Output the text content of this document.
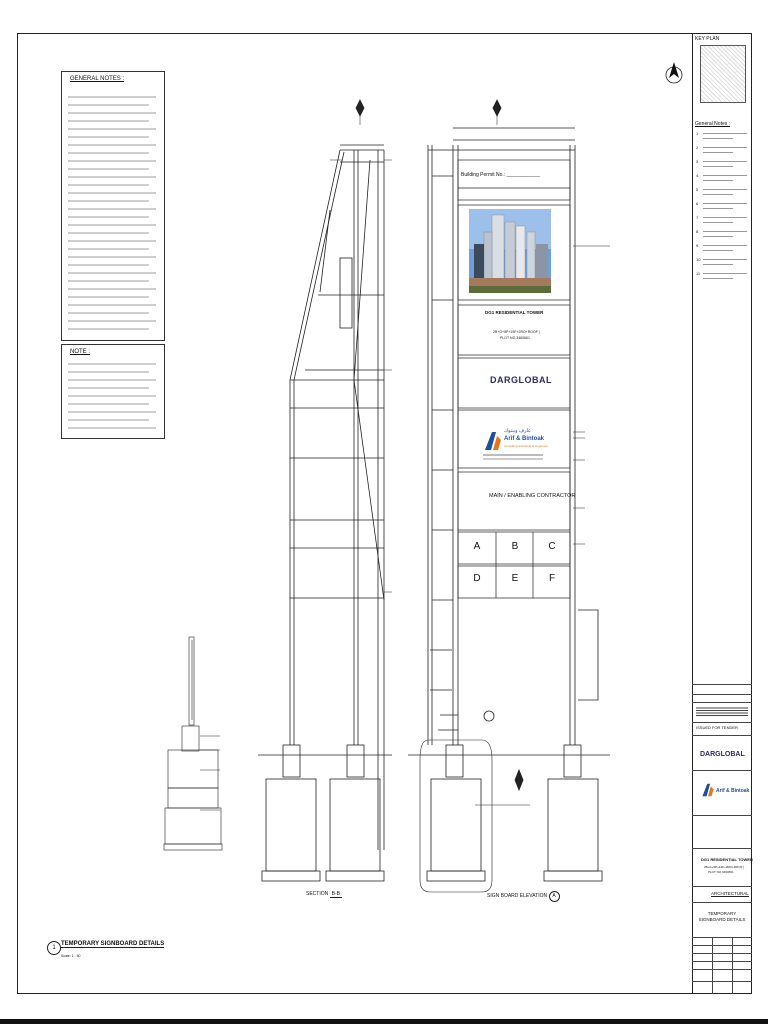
KEY PLAN
General Notes :
1
2
3
4
5
6
7
8
9
10
11
GENERAL NOTES :
NOTE :
Building Permit No.: ____________
DG1 RESIDENTIAL TOWER
2B+G+5P+19F+2RO+ROOF )
PLOT NO.3460661
DARGLOBAL
عارف وبنتوك
Arif & Bintoak
consulting architects & engineers
MAIN / ENABLING CONTRACTOR
A	B	C
D	E	F
SECTION B-B	SIGN BOARD ELEVATION A
1
TEMPORARY SIGNBOARD DETAILS
Scale: 1 : 50
ISSUED FOR TENDER
DARGLOBAL
Arif & Bintoak
DG1 RESIDENTIAL TOWER
2B+G+5P+19F+2RO+ROOF )
PLOT NO.3460661
ARCHITECTURAL
TEMPORARY SIGNBOARD DETAILS
